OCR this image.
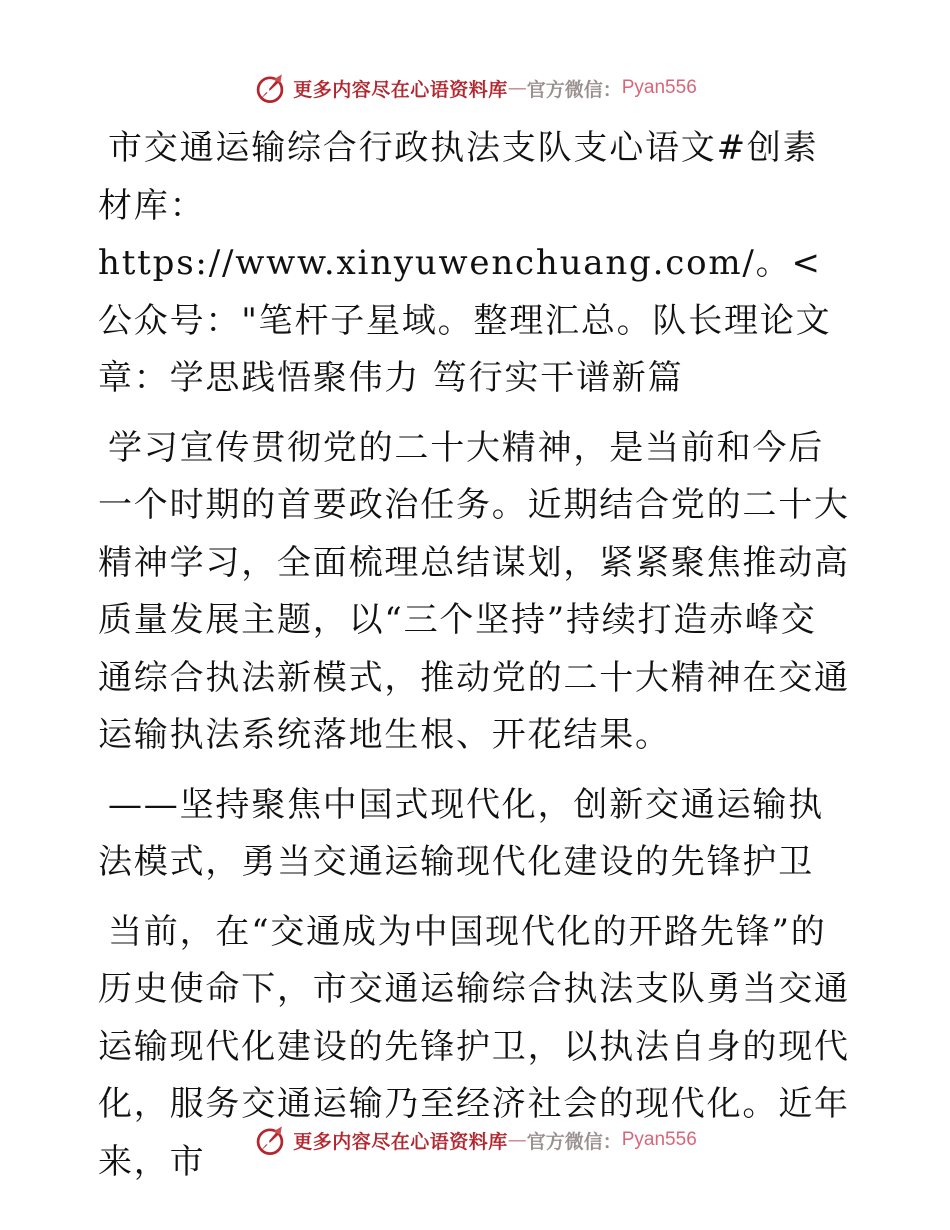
更多内容尽在心语资料库 — 官方微信： Pyan556

市交通运输综合行政执法支队支心语文#创素材库：https://www.xinyuwenchuang.com/。<公众号："笔杆子星域。整理汇总。队长理论文章：学思践悟聚伟力 笃行实干谱新篇

学习宣传贯彻党的二十大精神，是当前和今后一个时期的首要政治任务。近期结合党的二十大精神学习，全面梳理总结谋划，紧紧聚焦推动高质量发展主题，以“三个坚持”持续打造赤峰交通综合执法新模式，推动党的二十大精神在交通运输执法系统落地生根、开花结果。

——坚持聚焦中国式现代化，创新交通运输执法模式，勇当交通运输现代化建设的先锋护卫

当前，在“交通成为中国现代化的开路先锋”的历史使命下，市交通运输综合执法支队勇当交通运输现代化建设的先锋护卫，以执法自身的现代化，服务交通运输乃至经济社会的现代化。近年来，市	更多内容尽在心语资料库 — 官方微信： Pyan556
